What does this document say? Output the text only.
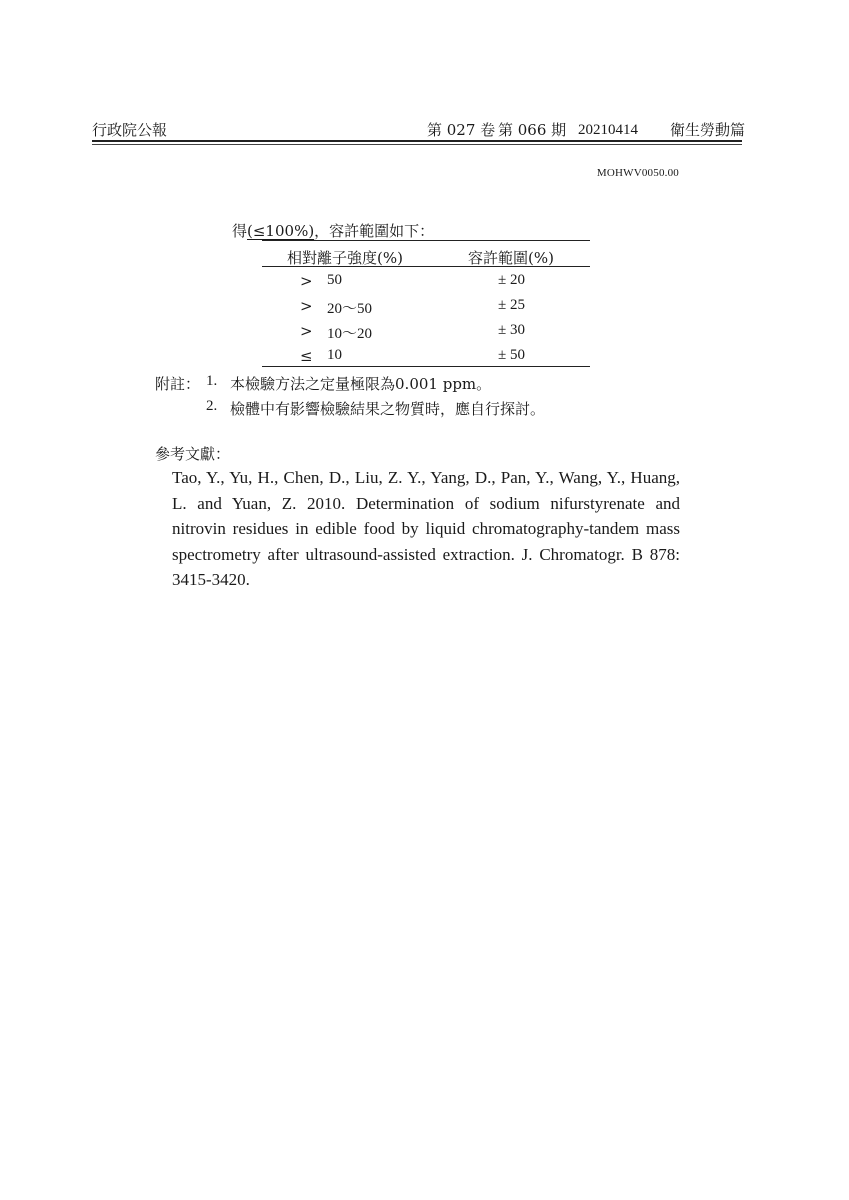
行政院公報	第 027 卷 第 066 期 20210414 衛生勞動篇
MOHWV0050.00
得(≤100%)，容許範圍如下：
相對離子強度(%)	容許範圍(%)
> 50	± 20
> 20～50	± 25
> 10～20	± 30
≤ 10	± 50
附註： 1. 本檢驗方法之定量極限為0.001 ppm。
2. 檢體中有影響檢驗結果之物質時，應自行探討。
參考文獻：
Tao, Y., Yu, H., Chen, D., Liu, Z. Y., Yang, D., Pan, Y., Wang, Y., Huang, L. and Yuan, Z. 2010. Determination of sodium nifurstyrenate and nitrovin residues in edible food by liquid chromatography-tandem mass spectrometry after ultrasound-assisted extraction. J. Chromatogr. B 878: 3415-3420.
